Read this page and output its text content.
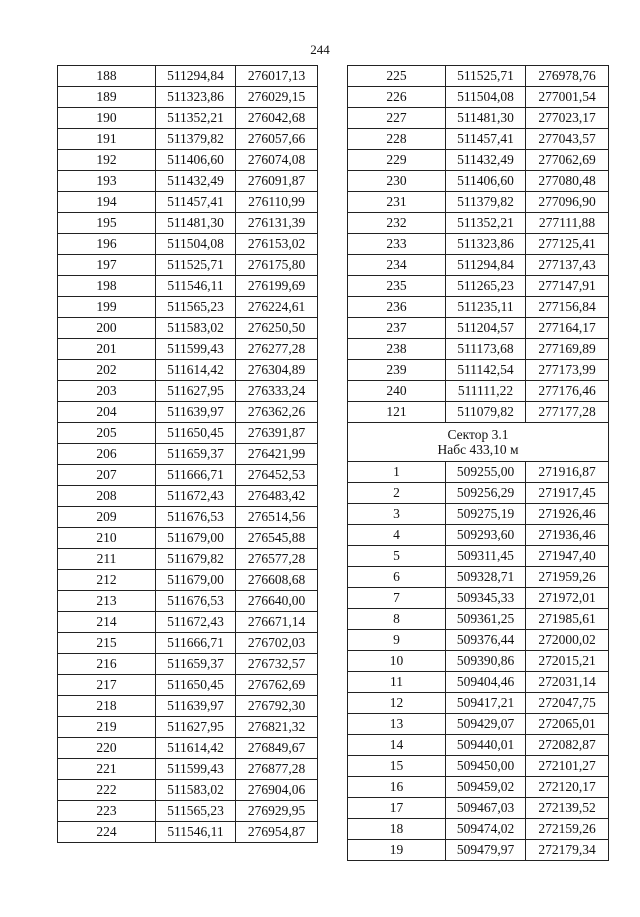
244
188	511294,84	276017,13
189	511323,86	276029,15
190	511352,21	276042,68
191	511379,82	276057,66
192	511406,60	276074,08
193	511432,49	276091,87
194	511457,41	276110,99
195	511481,30	276131,39
196	511504,08	276153,02
197	511525,71	276175,80
198	511546,11	276199,69
199	511565,23	276224,61
200	511583,02	276250,50
201	511599,43	276277,28
202	511614,42	276304,89
203	511627,95	276333,24
204	511639,97	276362,26
205	511650,45	276391,87
206	511659,37	276421,99
207	511666,71	276452,53
208	511672,43	276483,42
209	511676,53	276514,56
210	511679,00	276545,88
211	511679,82	276577,28
212	511679,00	276608,68
213	511676,53	276640,00
214	511672,43	276671,14
215	511666,71	276702,03
216	511659,37	276732,57
217	511650,45	276762,69
218	511639,97	276792,30
219	511627,95	276821,32
220	511614,42	276849,67
221	511599,43	276877,28
222	511583,02	276904,06
223	511565,23	276929,95
224	511546,11	276954,87
225	511525,71	276978,76
226	511504,08	277001,54
227	511481,30	277023,17
228	511457,41	277043,57
229	511432,49	277062,69
230	511406,60	277080,48
231	511379,82	277096,90
232	511352,21	277111,88
233	511323,86	277125,41
234	511294,84	277137,43
235	511265,23	277147,91
236	511235,11	277156,84
237	511204,57	277164,17
238	511173,68	277169,89
239	511142,54	277173,99
240	511111,22	277176,46
121	511079,82	277177,28

Сектор 3.1
Набс 433,10 м		

1	509255,00	271916,87
2	509256,29	271917,45
3	509275,19	271926,46
4	509293,60	271936,46
5	509311,45	271947,40
6	509328,71	271959,26
7	509345,33	271972,01
8	509361,25	271985,61
9	509376,44	272000,02
10	509390,86	272015,21
11	509404,46	272031,14
12	509417,21	272047,75
13	509429,07	272065,01
14	509440,01	272082,87
15	509450,00	272101,27
16	509459,02	272120,17
17	509467,03	272139,52
18	509474,02	272159,26
19	509479,97	272179,34
